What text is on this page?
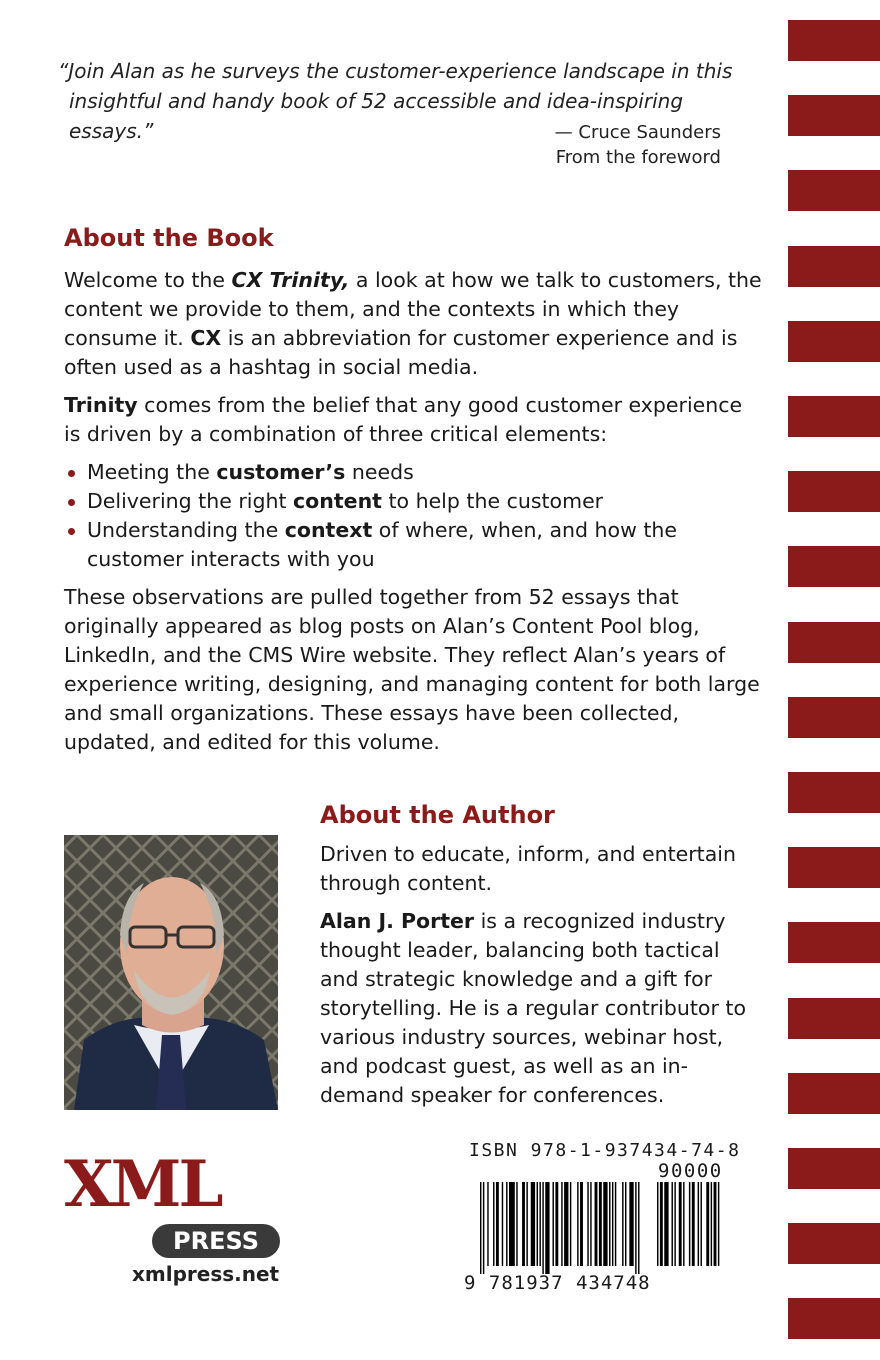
“Join Alan as he surveys the customer-experience landscape in this

insightful and handy book of 52 accessible and idea-inspiring essays.”	— Cruce Saunders
From the foreword
About the Book

Welcome to the CX Trinity, a look at how we talk to customers, the content we provide to them, and the contexts in which they consume it. CX is an abbreviation for customer experience and is often used as a hashtag in social media.

Trinity comes from the belief that any good customer experience is driven by a combination of three critical elements:

Meeting the customer’s needs
Delivering the right content to help the customer
Understanding the context of where, when, and how the customer interacts with you

These observations are pulled together from 52 essays that originally appeared as blog posts on Alan’s Content Pool blog, LinkedIn, and the CMS Wire website. They reflect Alan’s years of experience writing, designing, and managing content for both large and small organizations. These essays have been collected, updated, and edited for this volume.

About the Author

Driven to educate, inform, and entertain through content.

Alan J. Porter is a recognized industry thought leader, balancing both tactical and strategic knowledge and a gift for storytelling. He is a regular contributor to various industry sources, webinar host, and podcast guest, as well as an in-demand speaker for conferences.

XML
PRESS
xmlpress.net
ISBN 978-1-937434-74-8
90000
9 781937 434748
